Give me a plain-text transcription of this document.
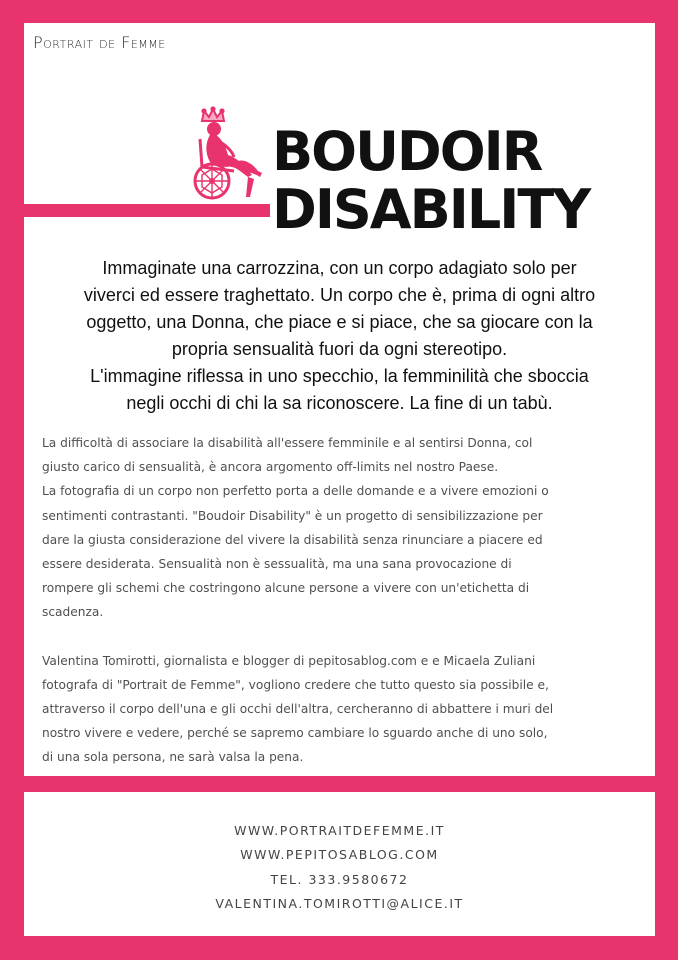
Portrait de Femme
BOUDOIR
DISABILITY
Immaginate una carrozzina, con un corpo adagiato solo per
viverci ed essere traghettato. Un corpo che è, prima di ogni altro
oggetto, una Donna, che piace e si piace, che sa giocare con la
propria sensualità fuori da ogni stereotipo.
L'immagine riflessa in uno specchio, la femminilità che sboccia
negli occhi di chi la sa riconoscere. La fine di un tabù.

La difficoltà di associare la disabilità all'essere femminile e al sentirsi Donna, col
giusto carico di sensualità, è ancora argomento off-limits nel nostro Paese.
La fotografia di un corpo non perfetto porta a delle domande e a vivere emozioni o
sentimenti contrastanti. "Boudoir Disability" è un progetto di sensibilizzazione per
dare la giusta considerazione del vivere la disabilità senza rinunciare a piacere ed
essere desiderata. Sensualità non è sessualità, ma una sana provocazione di
rompere gli schemi che costringono alcune persone a vivere con un'etichetta di
scadenza.

Valentina Tomirotti, giornalista e blogger di pepitosablog.com e e Micaela Zuliani
fotografa di "Portrait de Femme", vogliono credere che tutto questo sia possibile e,
attraverso il corpo dell'una e gli occhi dell'altra, cercheranno di abbattere i muri del
nostro vivere e vedere, perché se sapremo cambiare lo sguardo anche di uno solo,
di una sola persona, ne sarà valsa la pena.

WWW.PORTRAITDEFEMME.IT
WWW.PEPITOSABLOG.COM
TEL. 333.9580672
VALENTINA.TOMIROTTI@ALICE.IT
